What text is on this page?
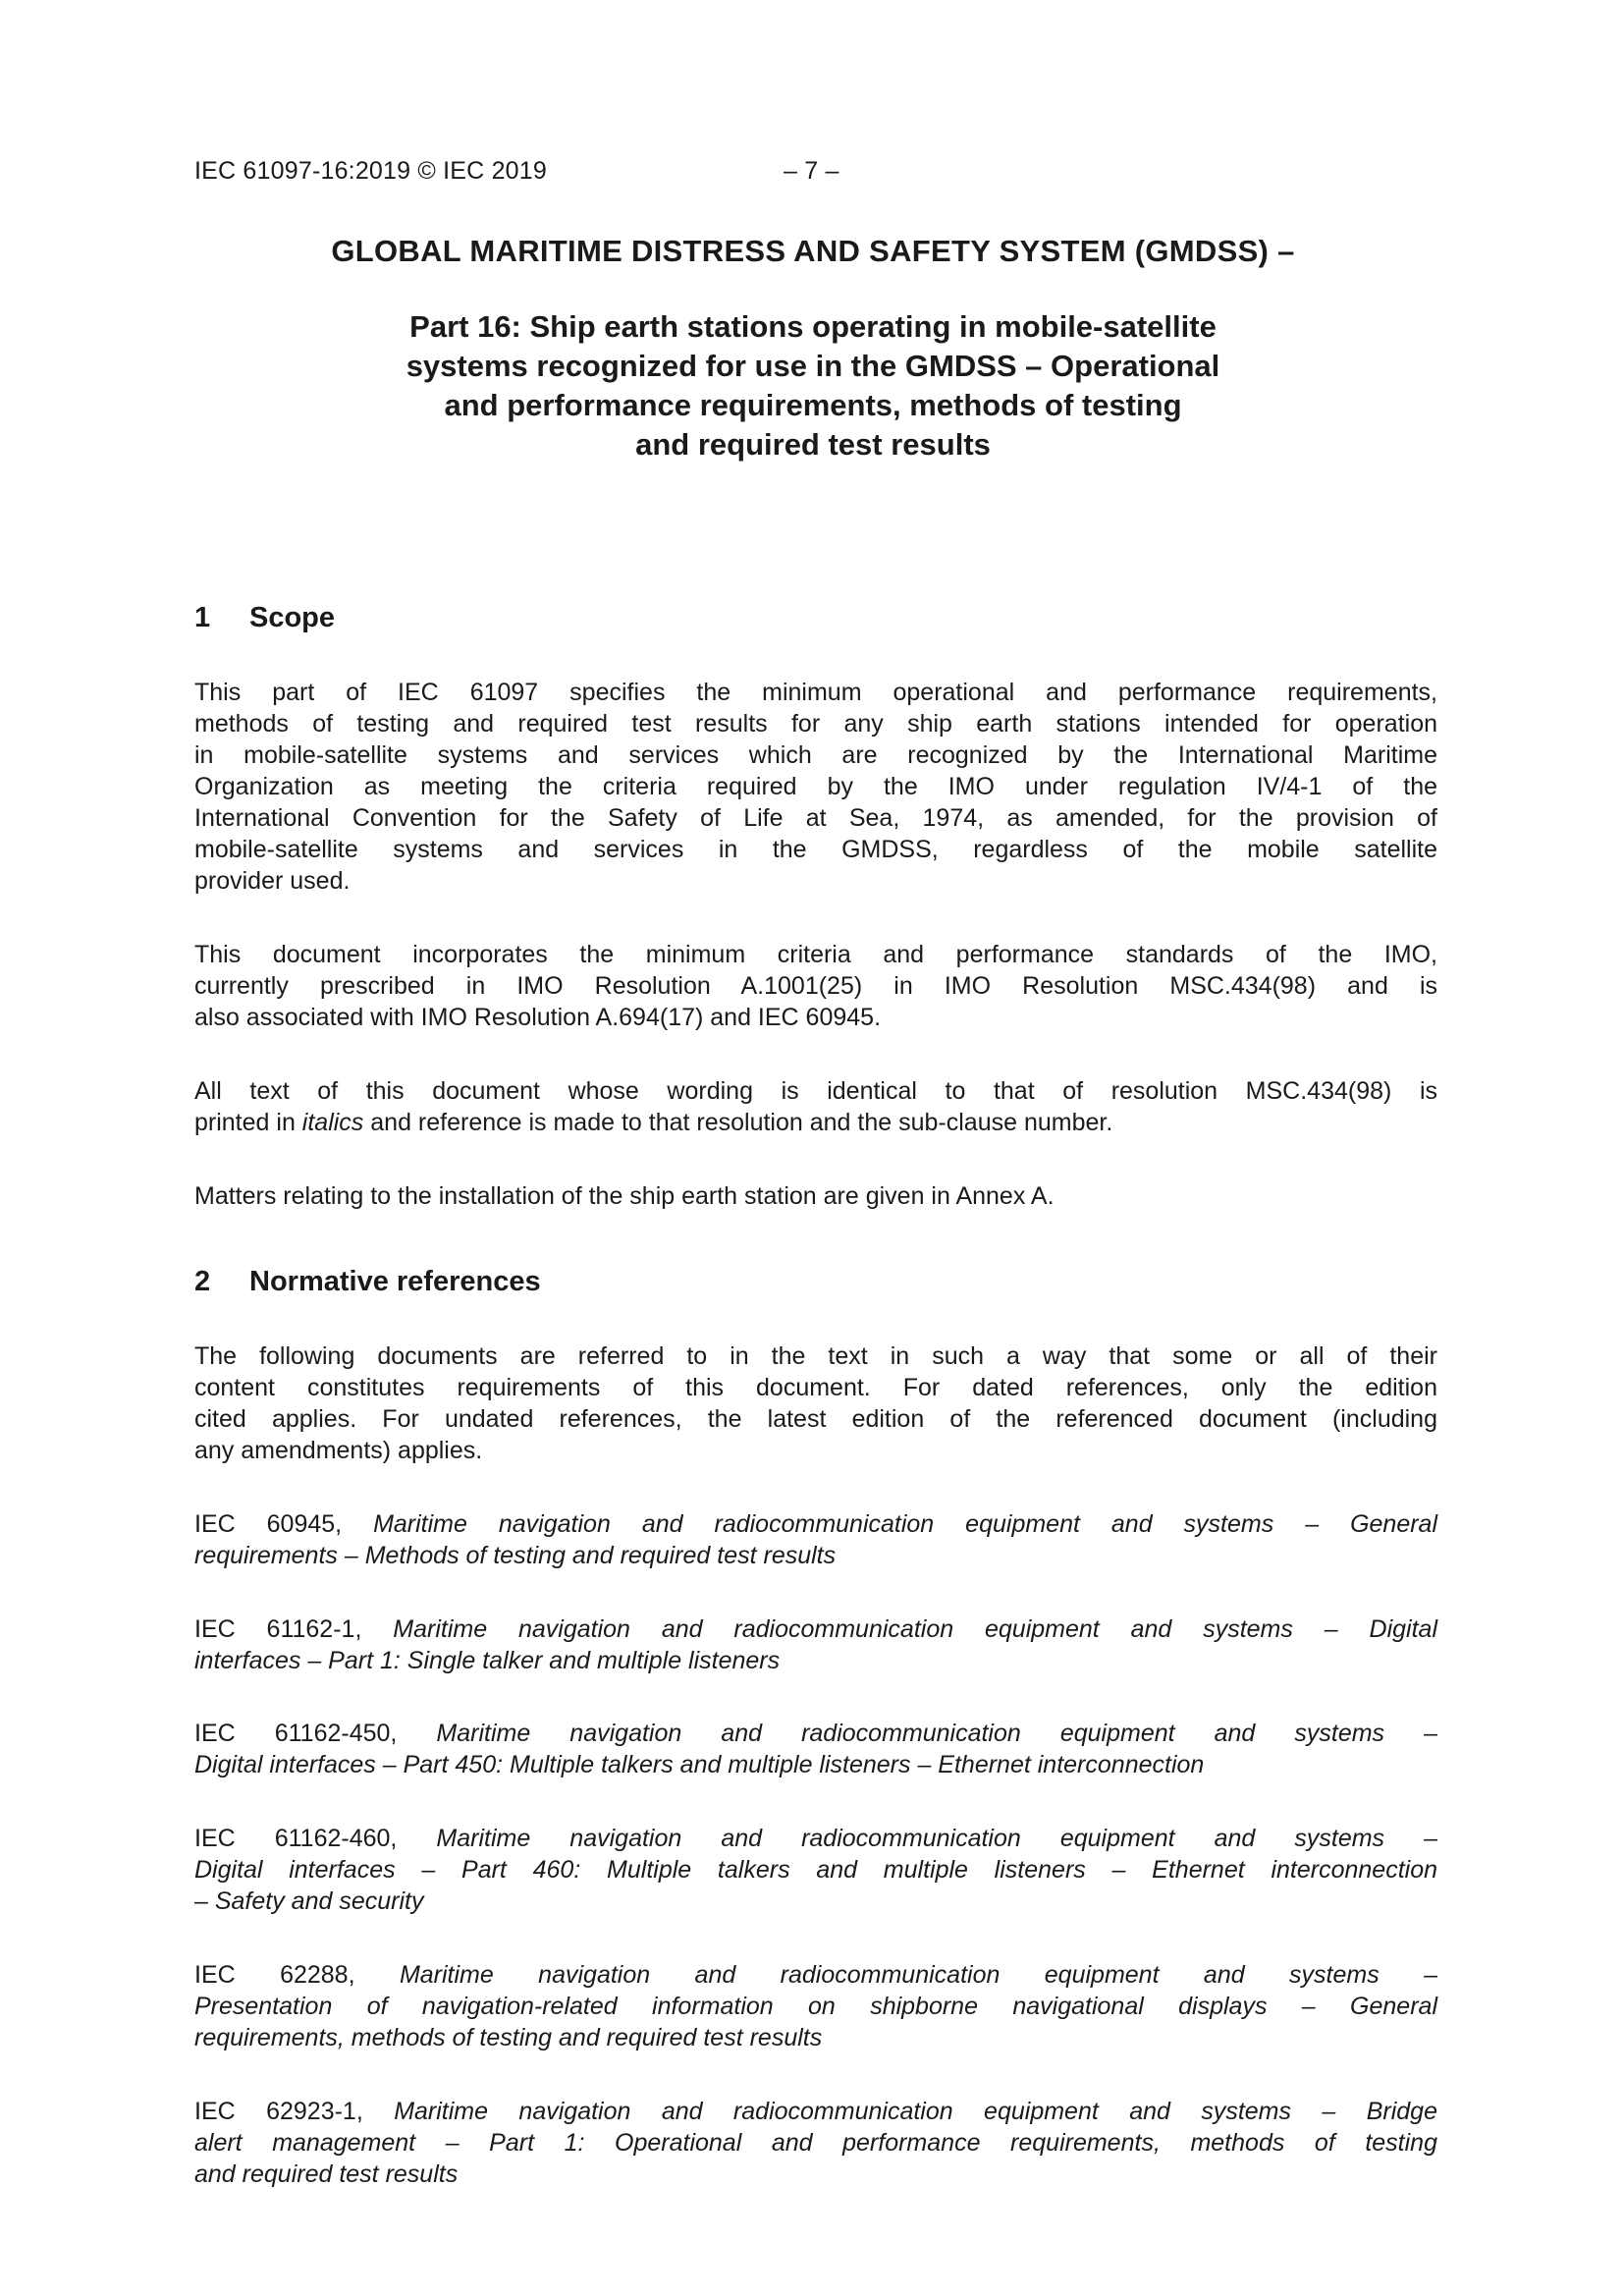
IEC 61097-16:2019 © IEC 2019	– 7 –
GLOBAL MARITIME DISTRESS AND SAFETY SYSTEM (GMDSS) –
Part 16: Ship earth stations operating in mobile-satellite
systems recognized for use in the GMDSS – Operational
and performance requirements, methods of testing
and required test results
1 Scope
This part of IEC 61097 specifies the minimum operational and performance requirements,
methods of testing and required test results for any ship earth stations intended for operation
in mobile-satellite systems and services which are recognized by the International Maritime
Organization as meeting the criteria required by the IMO under regulation IV/4-1 of the
International Convention for the Safety of Life at Sea, 1974, as amended, for the provision of
mobile-satellite systems and services in the GMDSS, regardless of the mobile satellite
provider used.
This document incorporates the minimum criteria and performance standards of the IMO,
currently prescribed in IMO Resolution A.1001(25) in IMO Resolution MSC.434(98) and is
also associated with IMO Resolution A.694(17) and IEC 60945.
All text of this document whose wording is identical to that of resolution MSC.434(98) is
printed in italics and reference is made to that resolution and the sub-clause number.
Matters relating to the installation of the ship earth station are given in Annex A.
2 Normative references
The following documents are referred to in the text in such a way that some or all of their
content constitutes requirements of this document. For dated references, only the edition
cited applies. For undated references, the latest edition of the referenced document (including
any amendments) applies.
IEC 60945, Maritime navigation and radiocommunication equipment and systems – General
requirements – Methods of testing and required test results
IEC 61162-1, Maritime navigation and radiocommunication equipment and systems – Digital
interfaces – Part 1: Single talker and multiple listeners
IEC 61162-450, Maritime navigation and radiocommunication equipment and systems –
Digital interfaces – Part 450: Multiple talkers and multiple listeners – Ethernet interconnection
IEC 61162-460, Maritime navigation and radiocommunication equipment and systems –
Digital interfaces – Part 460: Multiple talkers and multiple listeners – Ethernet interconnection
– Safety and security
IEC 62288, Maritime navigation and radiocommunication equipment and systems –
Presentation of navigation-related information on shipborne navigational displays – General
requirements, methods of testing and required test results
IEC 62923-1, Maritime navigation and radiocommunication equipment and systems – Bridge
alert management – Part 1: Operational and performance requirements, methods of testing
and required test results
